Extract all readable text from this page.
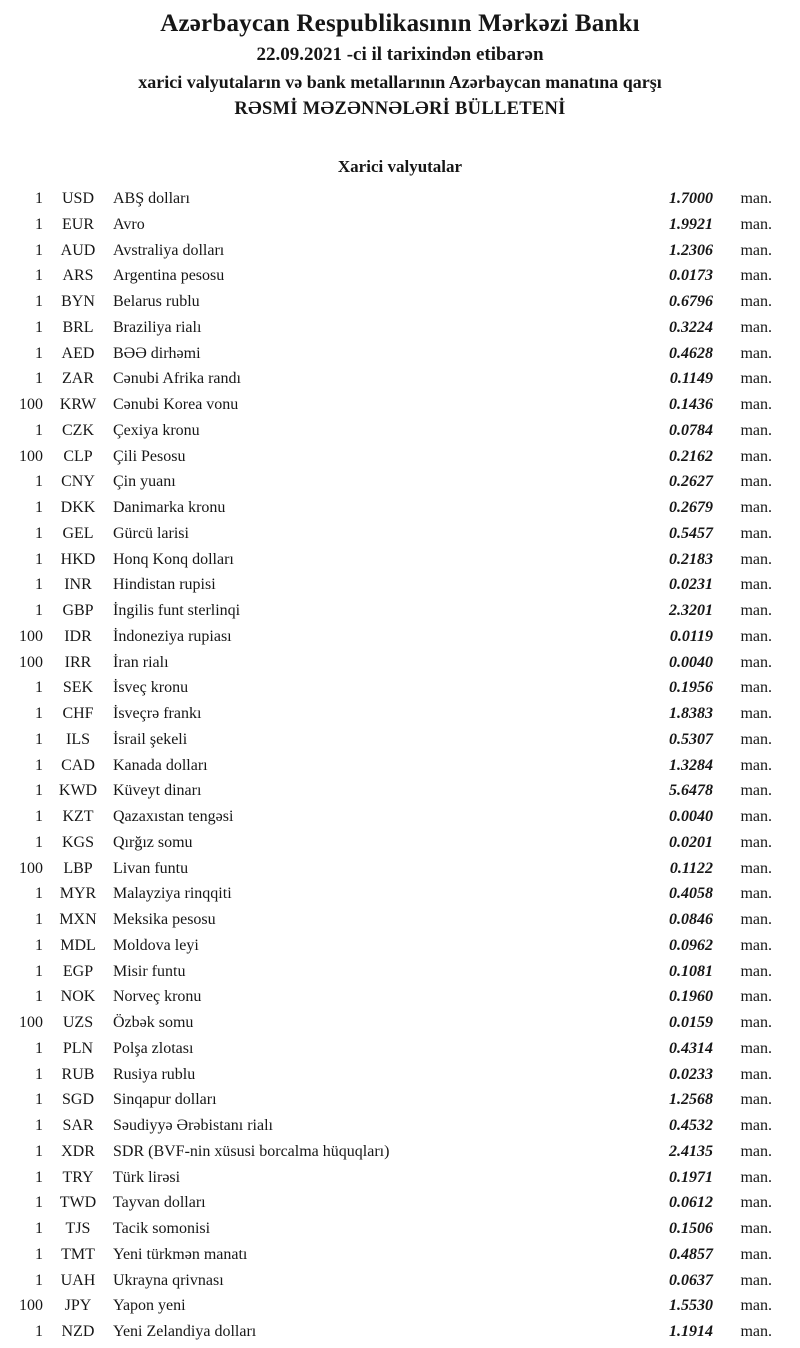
Azərbaycan Respublikasının Mərkəzi Bankı
22.09.2021 -ci il tarixindən etibarən
xarici valyutaların və bank metallarının Azərbaycan manatına qarşı
RƏSMİ MƏZƏNNƏLƏRİ BÜLLETENİ
Xarici valyutalar
1	USD	ABŞ dolları	1.7000	man.
1	EUR	Avro	1.9921	man.
1	AUD	Avstraliya dolları	1.2306	man.
1	ARS	Argentina pesosu	0.0173	man.
1	BYN	Belarus rublu	0.6796	man.
1	BRL	Braziliya rialı	0.3224	man.
1	AED	BƏƏ dirhəmi	0.4628	man.
1	ZAR	Cənubi Afrika randı	0.1149	man.
100	KRW	Cənubi Korea vonu	0.1436	man.
1	CZK	Çexiya kronu	0.0784	man.
100	CLP	Çili Pesosu	0.2162	man.
1	CNY	Çin yuanı	0.2627	man.
1	DKK	Danimarka kronu	0.2679	man.
1	GEL	Gürcü larisi	0.5457	man.
1	HKD	Honq Konq dolları	0.2183	man.
1	INR	Hindistan rupisi	0.0231	man.
1	GBP	İngilis funt sterlinqi	2.3201	man.
100	IDR	İndoneziya rupiası	0.0119	man.
100	IRR	İran rialı	0.0040	man.
1	SEK	İsveç kronu	0.1956	man.
1	CHF	İsveçrə frankı	1.8383	man.
1	ILS	İsrail şekeli	0.5307	man.
1	CAD	Kanada dolları	1.3284	man.
1 KWD Küveyt dinarı	5.6478	man.
1	KZT	Qazaxıstan tengəsi	0.0040	man.
1	KGS	Qırğız somu	0.0201	man.
100	LBP	Livan funtu	0.1122	man.
1	MYR	Malayziya rinqqiti	0.4058	man.
1	MXN	Meksika pesosu	0.0846	man.
1	MDL	Moldova leyi	0.0962	man.
1	EGP	Misir funtu	0.1081	man.
1	NOK	Norveç kronu	0.1960	man.
100	UZS	Özbək somu	0.0159	man.
1	PLN	Polşa zlotası	0.4314	man.
1	RUB	Rusiya rublu	0.0233	man.
1	SGD	Sinqapur dolları	1.2568	man.
1	SAR	Səudiyyə Ərəbistanı rialı	0.4532	man.
1	XDR	SDR (BVF-nin xüsusi borcalma hüquqları)	2.4135	man.
1	TRY	Türk lirəsi	0.1971	man.
1	TWD	Tayvan dolları	0.0612	man.
1	TJS	Tacik somonisi	0.1506	man.
1	TMT	Yeni türkmən manatı	0.4857	man.
1	UAH	Ukrayna qrivnası	0.0637	man.
100	JPY	Yapon yeni	1.5530	man.
1	NZD	Yeni Zelandiya dolları	1.1914	man.
